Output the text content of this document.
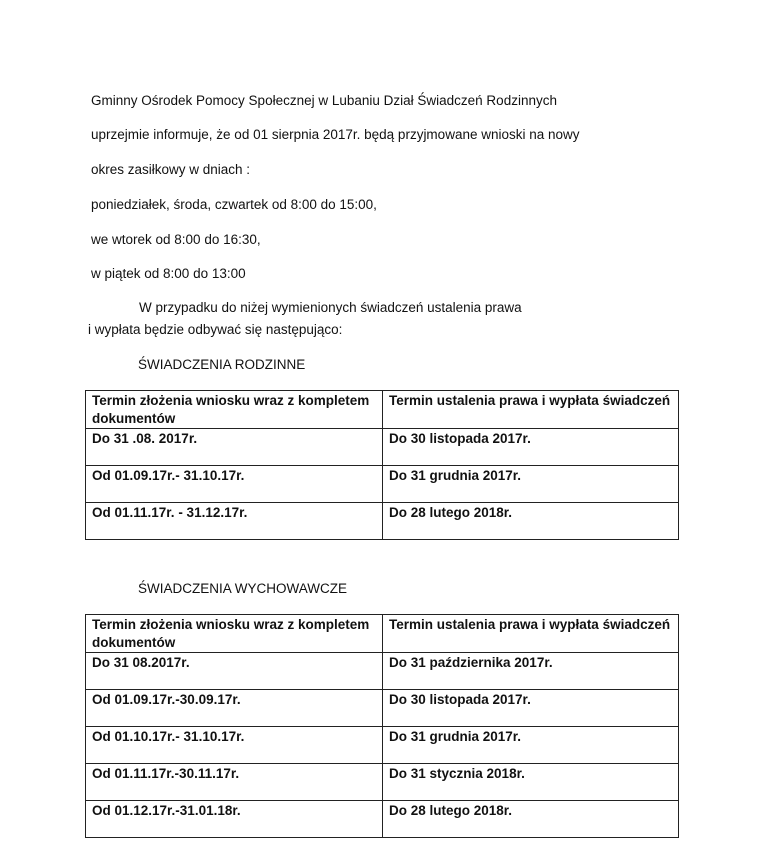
Gminny Ośrodek Pomocy Społecznej w Lubaniu Dział Świadczeń Rodzinnych
uprzejmie informuje, że od 01 sierpnia 2017r. będą przyjmowane wnioski na nowy
okres zasiłkowy w dniach :
poniedziałek, środa, czwartek od 8:00 do 15:00,
we wtorek od 8:00 do 16:30,
w piątek od 8:00 do 13:00
W przypadku do niżej wymienionych świadczeń ustalenia prawa
i wypłata będzie odbywać się następująco:
ŚWIADCZENIA RODZINNE
Termin złożenia wniosku wraz z kompletem dokumentów	Termin ustalenia prawa i wypłata świadczeń
Do 31 .08. 2017r.	Do 30 listopada 2017r.
Od 01.09.17r.- 31.10.17r.	Do 31 grudnia 2017r.
Od 01.11.17r. - 31.12.17r.	Do 28 lutego 2018r.
ŚWIADCZENIA WYCHOWAWCZE
Termin złożenia wniosku wraz z kompletem dokumentów	Termin ustalenia prawa i wypłata świadczeń
Do 31 08.2017r.	Do 31 października 2017r.
Od 01.09.17r.-30.09.17r.	Do 30 listopada 2017r.
Od 01.10.17r.- 31.10.17r.	Do 31 grudnia 2017r.
Od 01.11.17r.-30.11.17r.	Do 31 stycznia 2018r.
Od 01.12.17r.-31.01.18r.	Do 28 lutego 2018r.
